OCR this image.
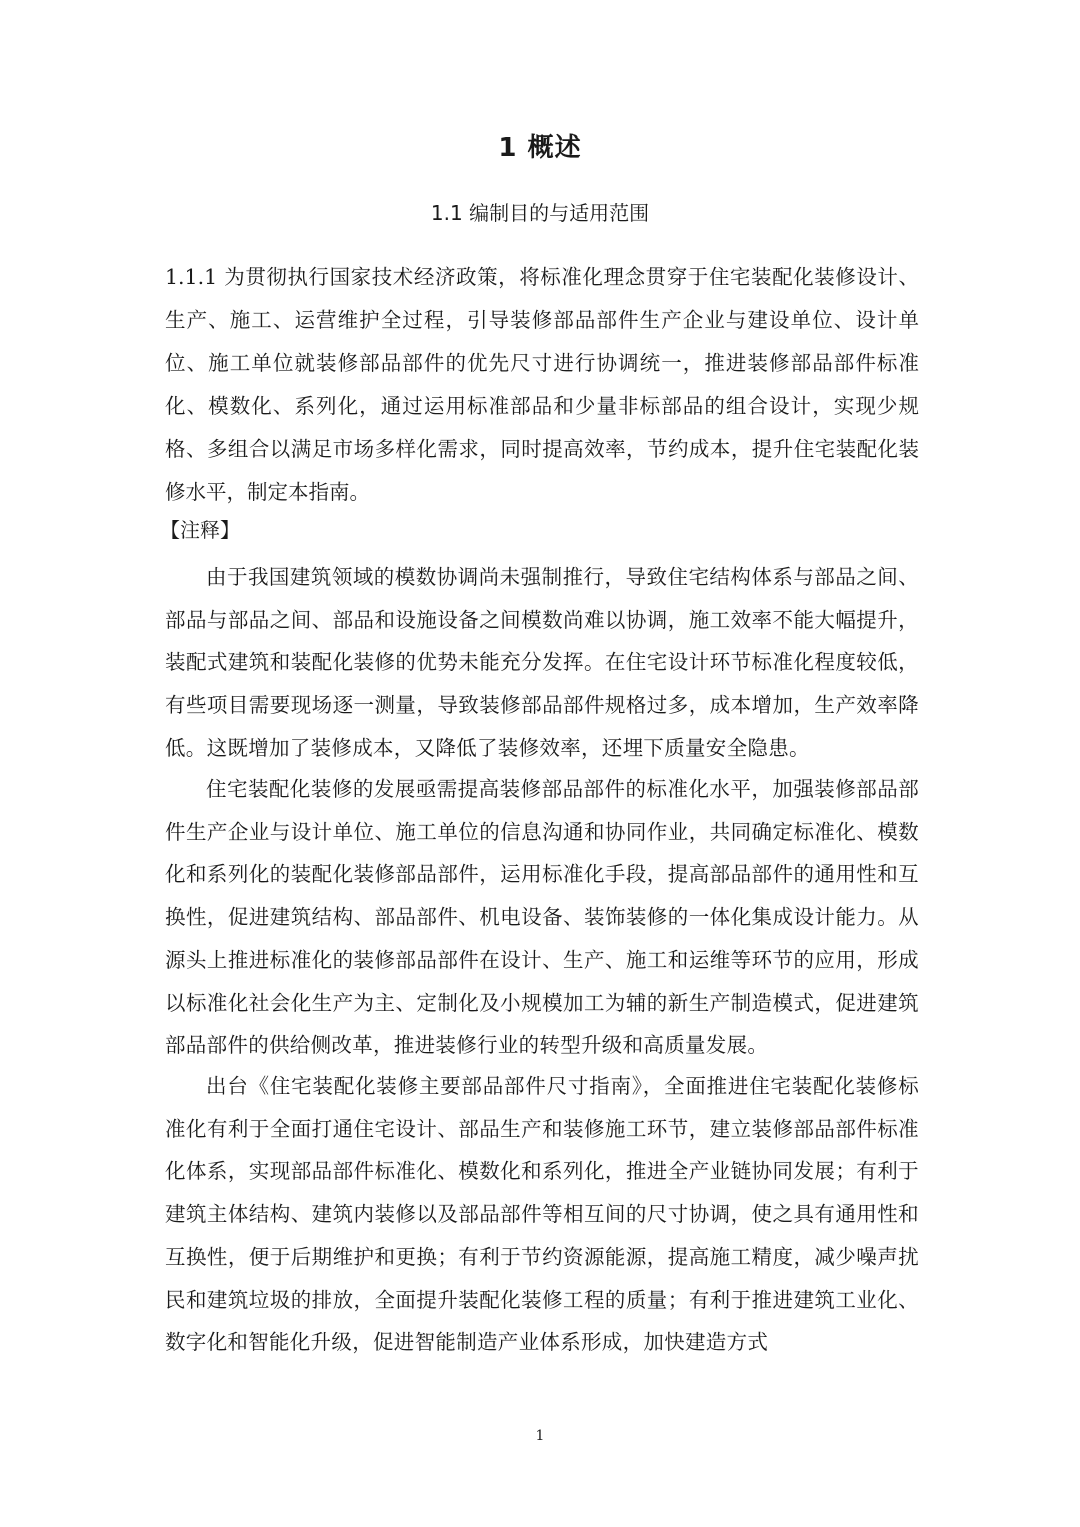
1 概述
1.1 编制目的与适用范围
1.1.1 为贯彻执行国家技术经济政策，将标准化理念贯穿于住宅装配化装修设计、生产、施工、运营维护全过程，引导装修部品部件生产企业与建设单位、设计单位、施工单位就装修部品部件的优先尺寸进行协调统一，推进装修部品部件标准化、模数化、系列化，通过运用标准部品和少量非标部品的组合设计，实现少规格、多组合以满足市场多样化需求，同时提高效率，节约成本，提升住宅装配化装修水平，制定本指南。
【注释】
由于我国建筑领域的模数协调尚未强制推行，导致住宅结构体系与部品之间、部品与部品之间、部品和设施设备之间模数尚难以协调，施工效率不能大幅提升，装配式建筑和装配化装修的优势未能充分发挥。在住宅设计环节标准化程度较低，有些项目需要现场逐一测量，导致装修部品部件规格过多，成本增加，生产效率降低。这既增加了装修成本，又降低了装修效率，还埋下质量安全隐患。
住宅装配化装修的发展亟需提高装修部品部件的标准化水平，加强装修部品部件生产企业与设计单位、施工单位的信息沟通和协同作业，共同确定标准化、模数化和系列化的装配化装修部品部件，运用标准化手段，提高部品部件的通用性和互换性，促进建筑结构、部品部件、机电设备、装饰装修的一体化集成设计能力。从源头上推进标准化的装修部品部件在设计、生产、施工和运维等环节的应用，形成以标准化社会化生产为主、定制化及小规模加工为辅的新生产制造模式，促进建筑部品部件的供给侧改革，推进装修行业的转型升级和高质量发展。
出台《住宅装配化装修主要部品部件尺寸指南》，全面推进住宅装配化装修标准化有利于全面打通住宅设计、部品生产和装修施工环节，建立装修部品部件标准化体系，实现部品部件标准化、模数化和系列化，推进全产业链协同发展；有利于建筑主体结构、建筑内装修以及部品部件等相互间的尺寸协调，使之具有通用性和互换性，便于后期维护和更换；有利于节约资源能源，提高施工精度，减少噪声扰民和建筑垃圾的排放，全面提升装配化装修工程的质量；有利于推进建筑工业化、数字化和智能化升级，促进智能制造产业体系形成，加快建造方式
1
